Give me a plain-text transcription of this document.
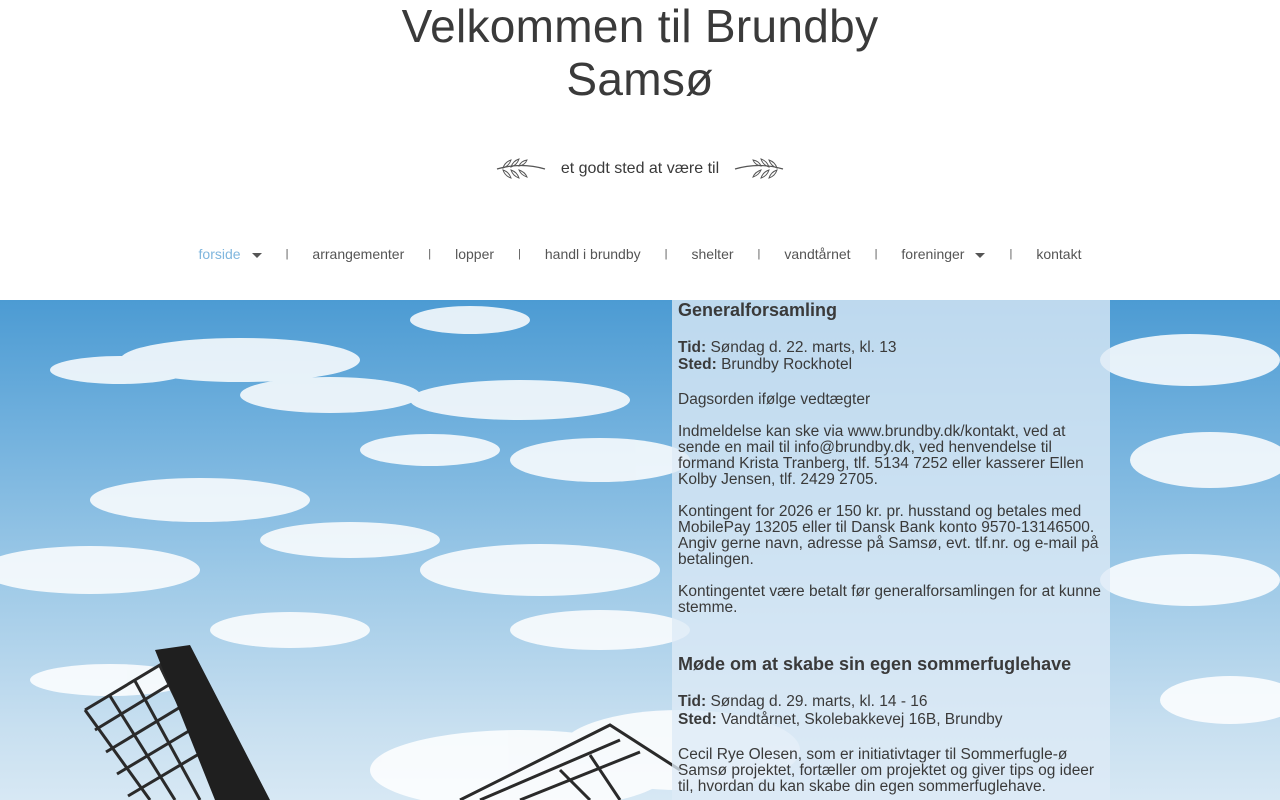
Velkommen til Brundby
Samsø
et godt sted at være til
forside	| arrangementer | lopper | handl i brundby | shelter | vandtårnet | foreninger	| kontakt
Generalforsamling

Tid: Søndag d. 22. marts, kl. 13

Sted: Brundby Rockhotel

Dagsorden ifølge vedtægter

Indmeldelse kan ske via www.brundby.dk/kontakt, ved at sende en mail til info@brundby.dk, ved henvendelse til formand Krista Tranberg, tlf. 5134 7252 eller kasserer Ellen Kolby Jensen, tlf. 2429 2705.

Kontingent for 2026 er 150 kr. pr. husstand og betales med MobilePay 13205 eller til Dansk Bank konto 9570-13146500. Angiv gerne navn, adresse på Samsø, evt. tlf.nr. og e-mail på betalingen.

Kontingentet være betalt før generalforsamlingen for at kunne stemme.

Møde om at skabe sin egen sommerfuglehave

Tid: Søndag d. 29. marts, kl. 14 - 16

Sted: Vandtårnet, Skolebakkevej 16B, Brundby

Cecil Rye Olesen, som er initiativtager til Sommerfugle-ø Samsø projektet, fortæller om projektet og giver tips og ideer til, hvordan du kan skabe din egen sommerfuglehave.
